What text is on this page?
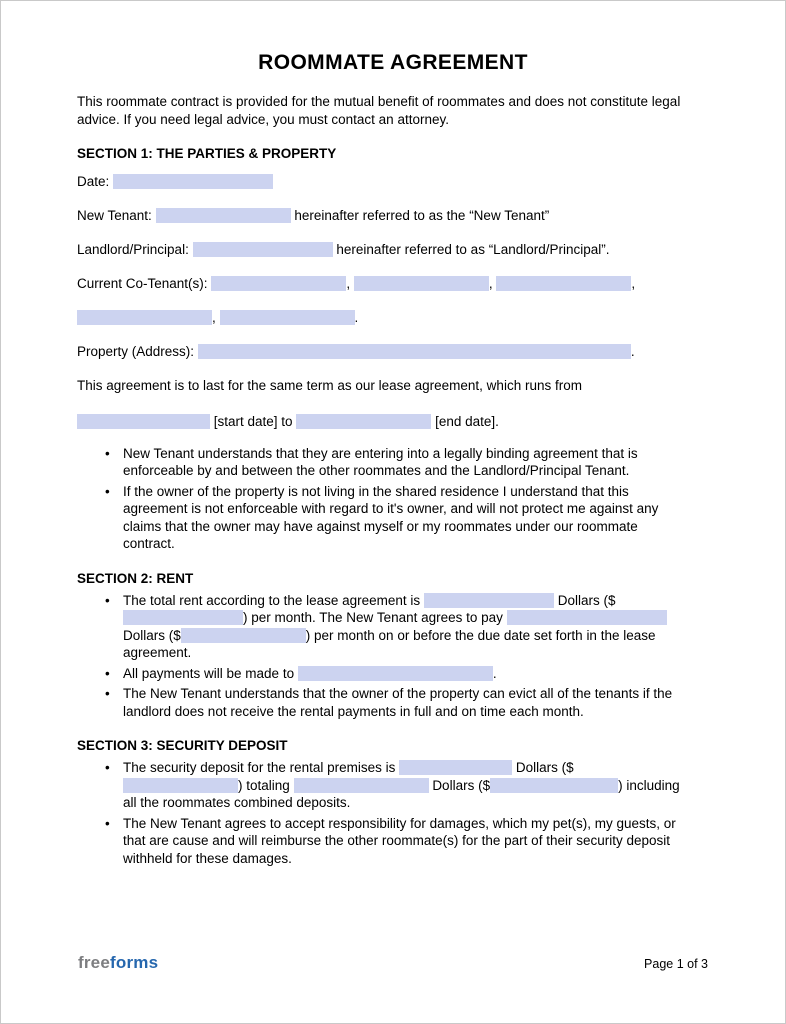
ROOMMATE AGREEMENT

This roommate contract is provided for the mutual benefit of roommates and does not constitute legal advice. If you need legal advice, you must contact an attorney.

SECTION 1: THE PARTIES & PROPERTY
Date:
New Tenant:	hereinafter referred to as the “New Tenant”
Landlord/Principal:	hereinafter referred to as “Landlord/Principal”.
Current Co-Tenant(s):	,	,	, ,	.
Property (Address):	.

This agreement is to last for the same term as our lease agreement, which runs from

[start date] to	[end date].
• New Tenant understands that they are entering into a legally binding agreement that is enforceable by and between the other roommates and the Landlord/Principal Tenant.
• If the owner of the property is not living in the shared residence I understand that this agreement is not enforceable with regard to it's owner, and will not protect me against any claims that the owner may have against myself or my roommates under our roommate contract.
SECTION 2: RENT
• The total rent according to the lease agreement is	Dollars ($) per month. The New Tenant agrees to pay  Dollars ($	) per month on or before the due date set forth in the lease agreement.
• All payments will be made to	.
• The New Tenant understands that the owner of the property can evict all of the tenants if the landlord does not receive the rental payments in full and on time each month.
SECTION 3: SECURITY DEPOSIT
• The security deposit for the rental premises is	Dollars ($) totaling	Dollars ($	) including all the roommates combined deposits.
• The New Tenant agrees to accept responsibility for damages, which my pet(s), my guests, or that are cause and will reimburse the other roommate(s) for the part of their security deposit withheld for these damages.
freeforms	Page 1 of 3
